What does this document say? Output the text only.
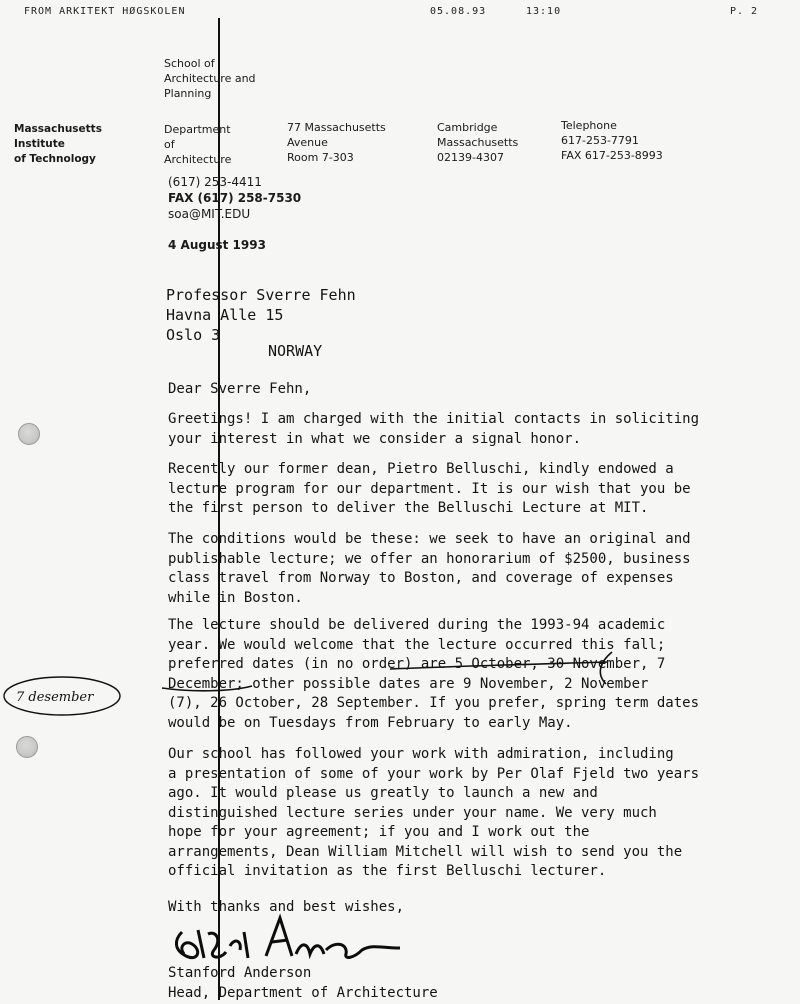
FROM ARKITEKT HØGSKOLEN	05.08.93	13:10	P. 2
School of
Architecture and
Planning
Massachusetts
Institute
of Technology
Department
of
Architecture
77 Massachusetts
Avenue
Room 7-303
Cambridge
Massachusetts
02139-4307
Telephone
617-253-7791
FAX 617-253-8993
(617) 253-4411
FAX (617) 258-7530
soa@MIT.EDU
4 August 1993
Professor Sverre Fehn
Havna Alle 15
Oslo 3
NORWAY
Dear Sverre Fehn,
Greetings! I am charged with the initial contacts in soliciting
your interest in what we consider a signal honor.
Recently our former dean, Pietro Belluschi, kindly endowed a
lecture program for our department. It is our wish that you be
the first person to deliver the Belluschi Lecture at MIT.
The conditions would be these: we seek to have an original and
publishable lecture; we offer an honorarium of $2500, business
class travel from Norway to Boston, and coverage of expenses
while in Boston.
The lecture should be delivered during the 1993-94 academic
year. We would welcome that the lecture occurred this fall;
preferred dates (in no order) are 5 October, 30 November, 7
December; other possible dates are 9 November, 2 November
(7), 26 October, 28 September. If you prefer, spring term dates
would be on Tuesdays from February to early May.
Our school has followed your work with admiration, including
a presentation of some of your work by Per Olaf Fjeld two years
ago. It would please us greatly to launch a new and
distinguished lecture series under your name. We very much
hope for your agreement; if you and I work out the
arrangements, Dean William Mitchell will wish to send you the
official invitation as the first Belluschi lecturer.
7 desember
With thanks and best wishes,
Stanford Anderson
Head, Department of Architecture
